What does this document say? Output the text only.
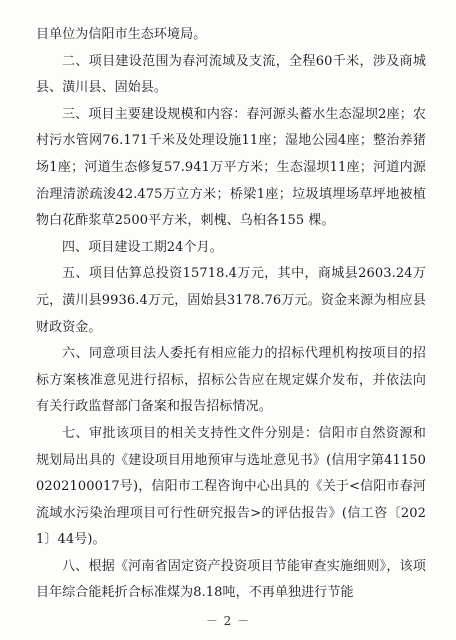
目单位为信阳市生态环境局。

二、项目建设范围为春河流域及支流，全程60千米，涉及商城县、潢川县、固始县。

三、项目主要建设规模和内容：春河源头蓄水生态湿坝2座；农村污水管网76.171千米及处理设施11座；湿地公园4座；整治养猪场1座；河道生态修复57.941万平方米；生态湿坝11座；河道内源治理清淤疏浚42.475万立方米；桥梁1座；垃圾填埋场草坪地被植物白花酢浆草2500平方米，刺槐、乌桕各155 棵。

四、项目建设工期24个月。

五、项目估算总投资15718.4万元，其中，商城县2603.24万元，潢川县9936.4万元，固始县3178.76万元。资金来源为相应县财政资金。

六、同意项目法人委托有相应能力的招标代理机构按项目的招标方案核准意见进行招标，招标公告应在规定媒介发布，并依法向有关行政监督部门备案和报告招标情况。

七、审批该项目的相关支持性文件分别是：信阳市自然资源和规划局出具的《建设项目用地预审与选址意见书》(信用字第411500202100017号)，信阳市工程咨询中心出具的《关于<信阳市春河流域水污染治理项目可行性研究报告>的评估报告》(信工咨〔2021〕44号)。

八、根据《河南省固定资产投资项目节能审查实施细则》，该项目年综合能耗折合标准煤为8.18吨，不再单独进行节能

－ 2 －
